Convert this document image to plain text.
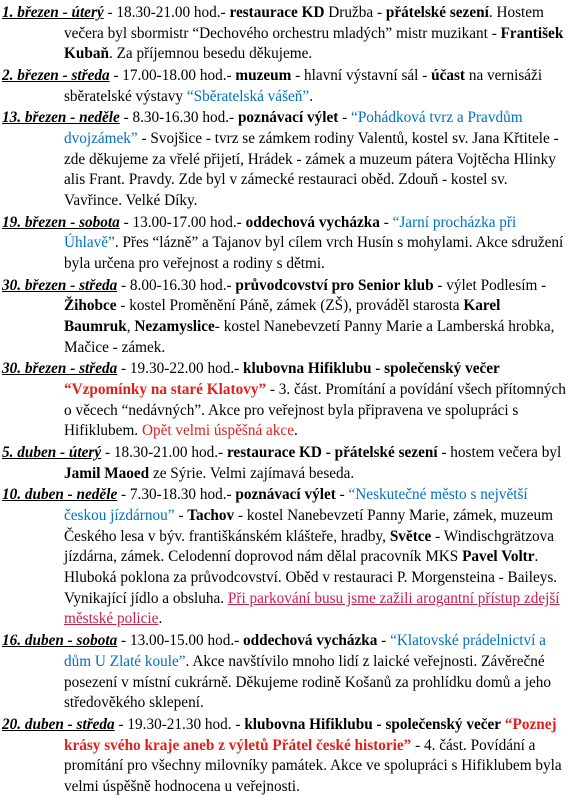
1. březen - úterý - 18.30-21.00 hod.- restaurace KD Družba - přátelské sezení. Hostem večera byl sbormistr “Dechového orchestru mladých” mistr muzikant - František Kubaň. Za příjemnou besedu děkujeme.

2. březen - středa - 17.00-18.00 hod.- muzeum - hlavní výstavní sál - účast na vernisáži sběratelské výstavy “Sběratelská vášeň”.

13. březen - neděle - 8.30-16.30 hod.- poznávací výlet - “Pohádková tvrz a Pravdům dvojzámek” - Svojšice - tvrz se zámkem rodiny Valentů, kostel sv. Jana Křtitele - zde děkujeme za vřelé přijetí, Hrádek - zámek a muzeum pátera Vojtěcha Hlinky alis Frant. Pravdy. Zde byl v zámecké restauraci oběd. Zdouň - kostel sv. Vavřince. Velké Díky.

19. březen - sobota - 13.00-17.00 hod.- oddechová vycházka - “Jarní procházka při Úhlavě”. Přes “lázně” a Tajanov byl cílem vrch Husín s mohylami. Akce sdružení byla určena pro veřejnost a rodiny s dětmi.

30. březen - středa - 8.00-16.30 hod.- průvodcovství pro Senior klub - výlet Podlesím - Žihobce - kostel Proměnění Páně, zámek (ZŠ), prováděl starosta Karel Baumruk, Nezamyslice- kostel Nanebevzetí Panny Marie a Lamberská hrobka, Mačice - zámek.

30. březen - středa - 19.30-22.00 hod.- klubovna Hifiklubu - společenský večer “Vzpomínky na staré Klatovy” - 3. část. Promítání a povídání všech přítomných o věcech “nedávných”. Akce pro veřejnost byla připravena ve spolupráci s Hifiklubem. Opět velmi úspěšná akce.

5. duben - úterý - 18.30-21.00 hod.- restaurace KD - přátelské sezení - hostem večera byl Jamil Maoed ze Sýrie. Velmi zajímavá beseda.

10. duben - neděle - 7.30-18.30 hod.- poznávací výlet - “Neskutečné město s největší českou jízdárnou” - Tachov - kostel Nanebevzetí Panny Marie, zámek, muzeum Českého lesa v býv. františkánském klášteře, hradby, Světce - Windischgrätzova jízdárna, zámek. Celodenní doprovod nám dělal pracovník MKS Pavel Voltr. Hluboká poklona za průvodcovství. Oběd v restauraci P. Morgensteina - Baileys. Vynikající jídlo a obsluha. Při parkování busu jsme zažili arogantní přístup zdejší městské policie.

16. duben - sobota - 13.00-15.00 hod.- oddechová vycházka - “Klatovské prádelnictví a dům U Zlaté koule”. Akce navštívilo mnoho lidí z laické veřejnosti. Závěrečné posezení v místní cukrárně. Děkujeme rodině Košanů za prohlídku domů a jeho středověkého sklepení.

20. duben - středa - 19.30-21.30 hod. - klubovna Hifiklubu - společenský večer “Poznej krásy svého kraje aneb z výletů Přátel české historie” - 4. část. Povídání a promítání pro všechny milovníky památek. Akce ve spolupráci s Hifiklubem byla velmi úspěšně hodnocena u veřejnosti.
